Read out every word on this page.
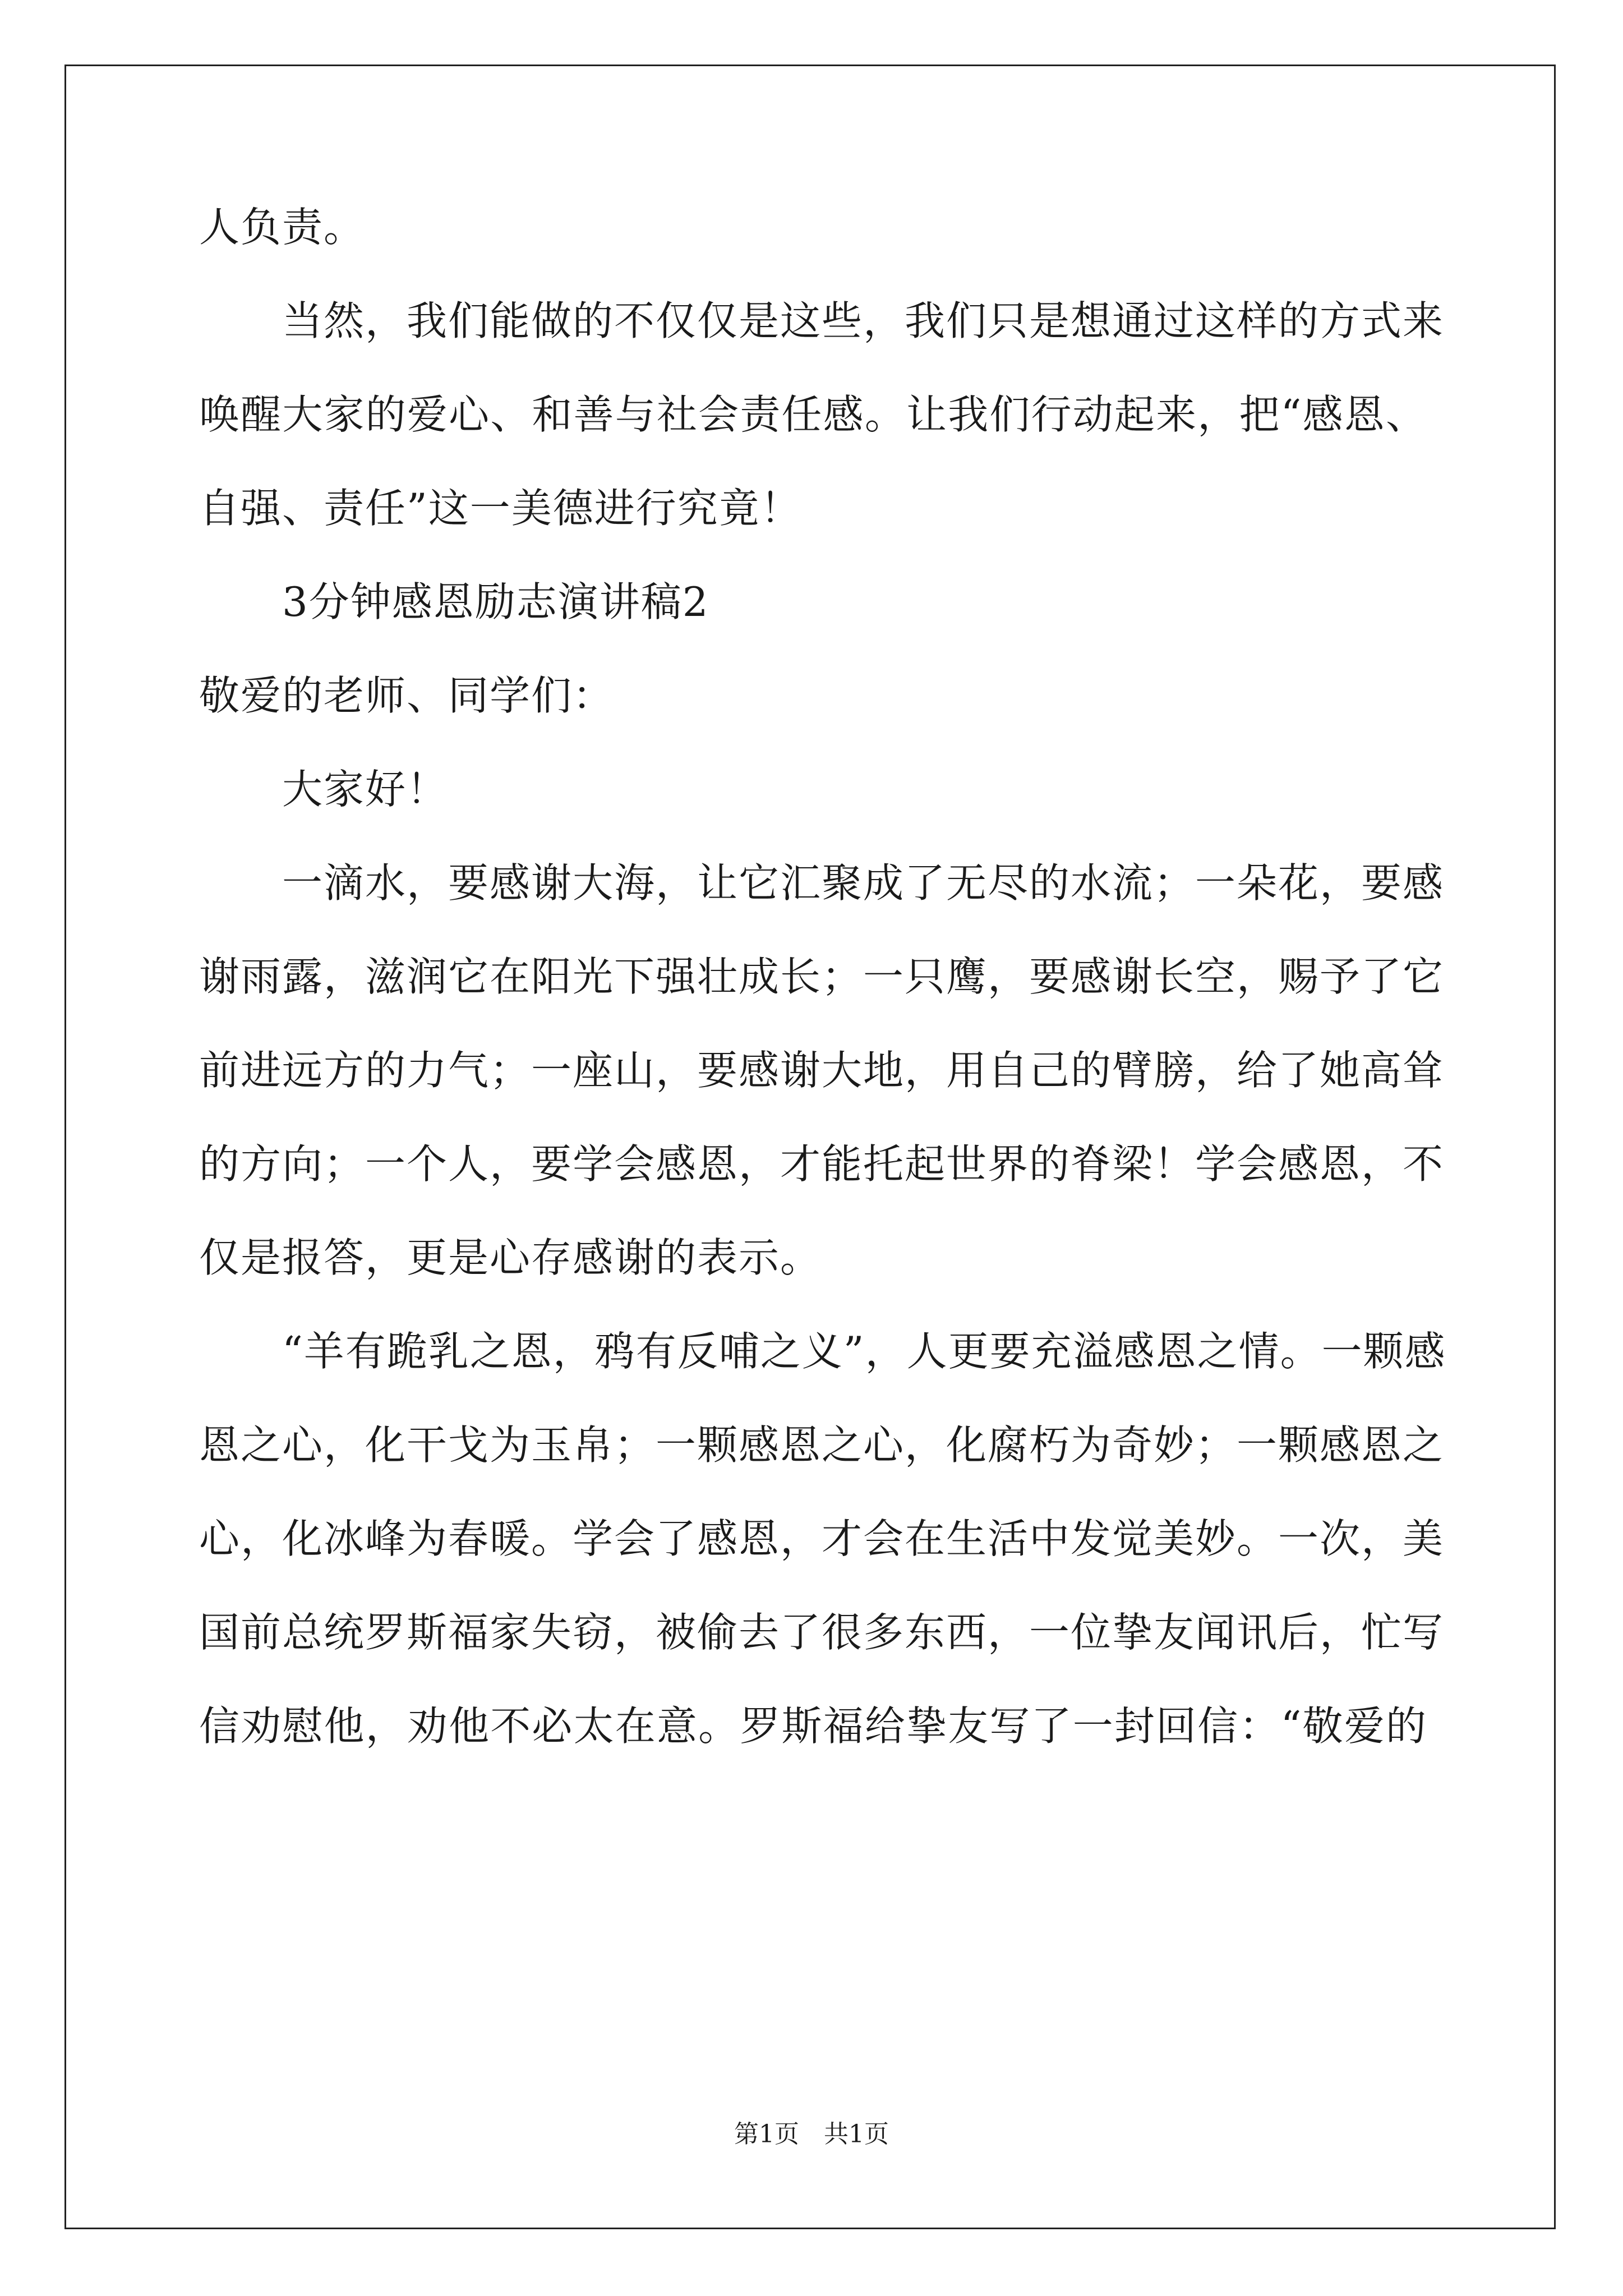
人负责。
当然，我们能做的不仅仅是这些，我们只是想通过这样的方式来
唤醒大家的爱心、和善与社会责任感。让我们行动起来，把“感恩、
自强、责任”这一美德进行究竟！
3分钟感恩励志演讲稿2
敬爱的老师、同学们：
大家好！
一滴水，要感谢大海，让它汇聚成了无尽的水流；一朵花，要感
谢雨露，滋润它在阳光下强壮成长；一只鹰，要感谢长空，赐予了它
前进远方的力气；一座山，要感谢大地，用自己的臂膀，给了她高耸
的方向；一个人，要学会感恩，才能托起世界的脊梁！学会感恩，不
仅是报答，更是心存感谢的表示。
“羊有跪乳之恩，鸦有反哺之义”，人更要充溢感恩之情。一颗感
恩之心，化干戈为玉帛；一颗感恩之心，化腐朽为奇妙；一颗感恩之
心，化冰峰为春暖。学会了感恩，才会在生活中发觉美妙。一次，美
国前总统罗斯福家失窃，被偷去了很多东西，一位挚友闻讯后，忙写
信劝慰他，劝他不必太在意。罗斯福给挚友写了一封回信：“敬爱的
第1页　共1页
